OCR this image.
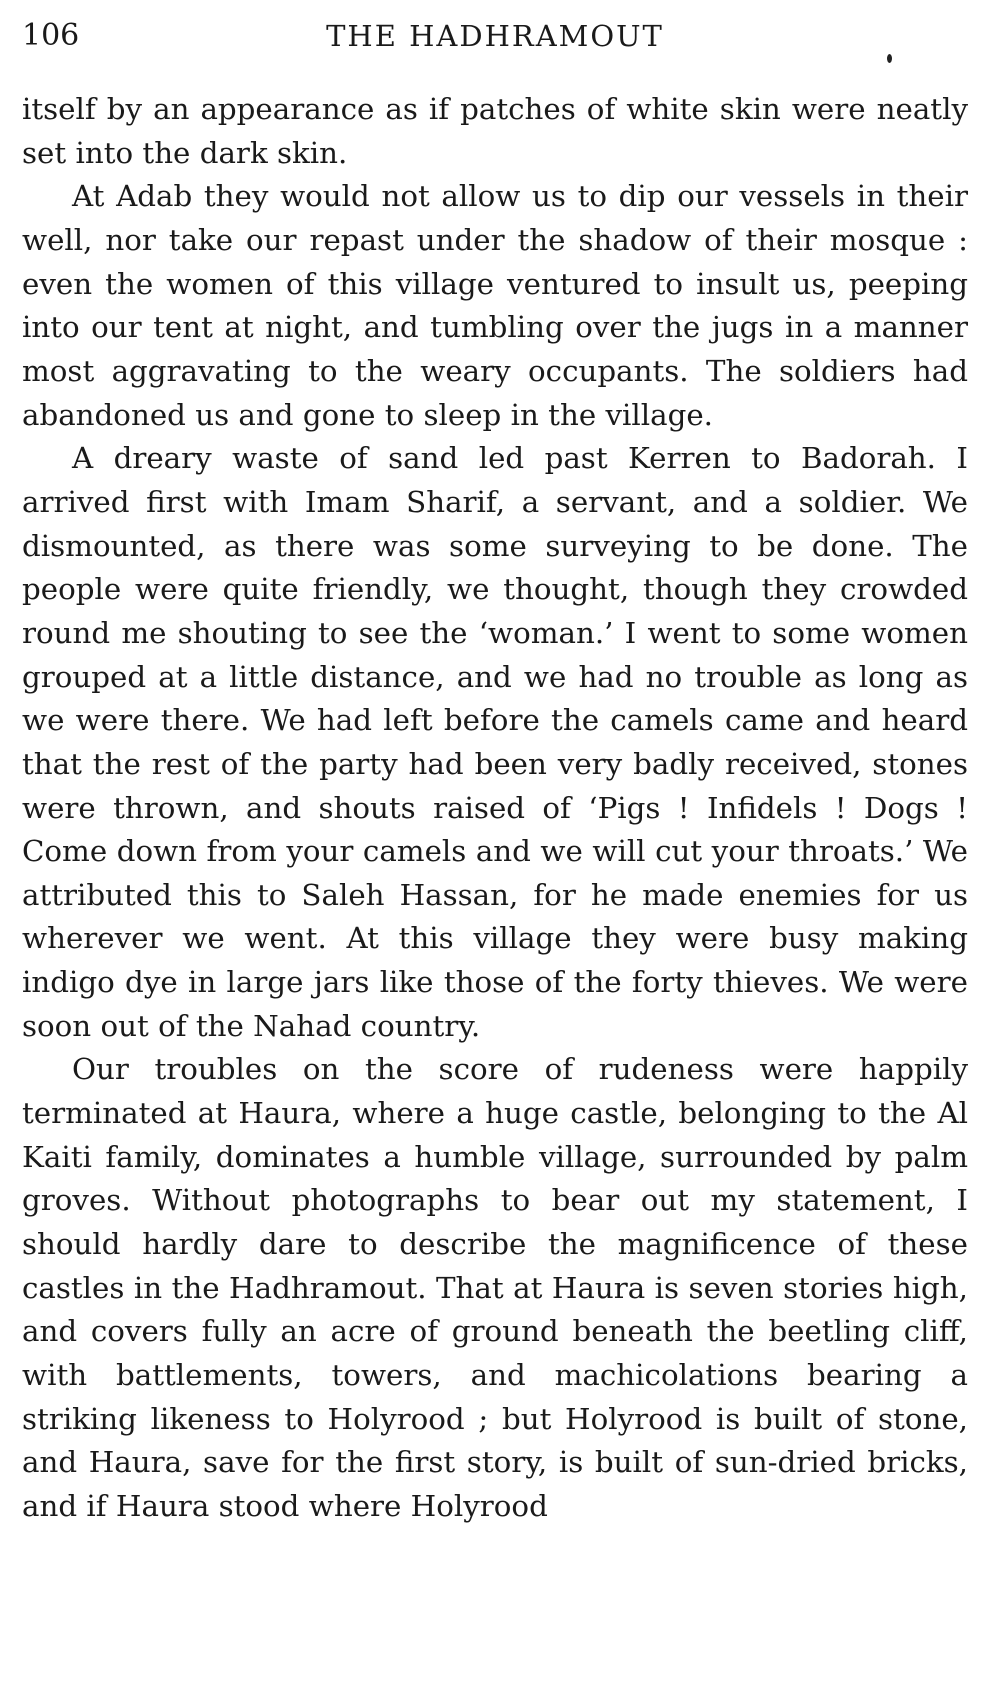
THE HADHRAMOUT
106

itself by an appearance as if patches of white skin were neatly set into the dark skin.

At Adab they would not allow us to dip our vessels in their well, nor take our repast under the shadow of their mosque : even the women of this village ventured to insult us, peeping into our tent at night, and tumbling over the jugs in a manner most aggravating to the weary occupants. The soldiers had abandoned us and gone to sleep in the village.

A dreary waste of sand led past Kerren to Badorah. I arrived first with Imam Sharif, a servant, and a soldier. We dismounted, as there was some surveying to be done. The people were quite friendly, we thought, though they crowded round me shouting to see the ‘woman.’ I went to some women grouped at a little distance, and we had no trouble as long as we were there. We had left before the camels came and heard that the rest of the party had been very badly received, stones were thrown, and shouts raised of ‘Pigs ! Infidels ! Dogs ! Come down from your camels and we will cut your throats.’ We attributed this to Saleh Hassan, for he made enemies for us wherever we went. At this village they were busy making indigo dye in large jars like those of the forty thieves. We were soon out of the Nahad country.

Our troubles on the score of rudeness were happily terminated at Haura, where a huge castle, belonging to the Al Kaiti family, dominates a humble village, surrounded by palm groves. Without photographs to bear out my statement, I should hardly dare to describe the magnificence of these castles in the Hadhramout. That at Haura is seven stories high, and covers fully an acre of ground beneath the beetling cliff, with battlements, towers, and machicolations bearing a striking likeness to Holyrood ; but Holyrood is built of stone, and Haura, save for the first story, is built of sun-dried bricks, and if Haura stood where Holyrood
